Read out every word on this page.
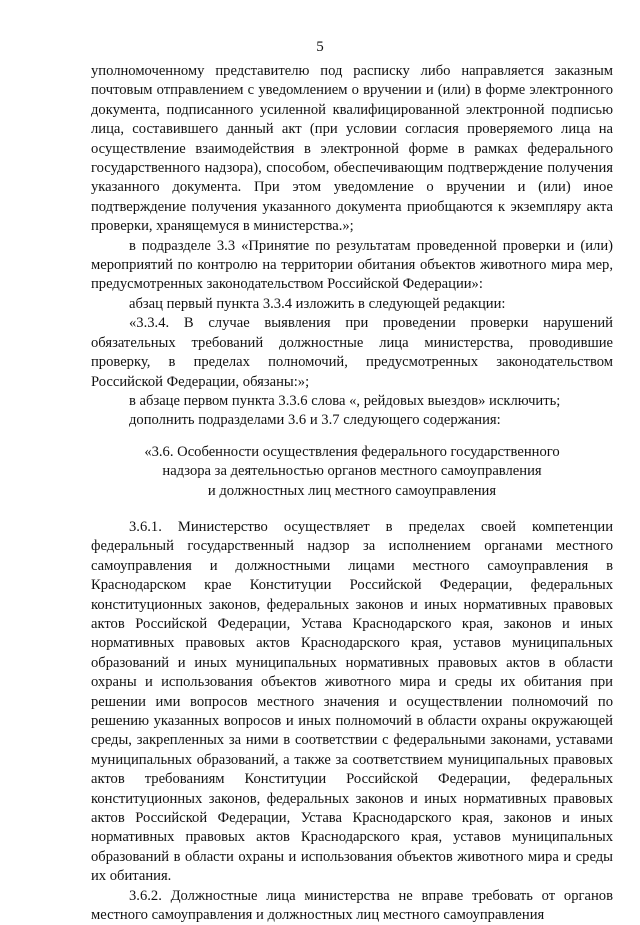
5

уполномоченному представителю под расписку либо направляется заказным почтовым отправлением с уведомлением о вручении и (или) в форме электронного документа, подписанного усиленной квалифицированной электронной подписью лица, составившего данный акт (при условии согласия проверяемого лица на осуществление взаимодействия в электронной форме в рамках федерального государственного надзора), способом, обеспечивающим подтверждение получения указанного документа. При этом уведомление о вручении и (или) иное подтверждение получения указанного документа приобщаются к экземпляру акта проверки, хранящемуся в министерства.»;

в подразделе 3.3 «Принятие по результатам проведенной проверки и (или) мероприятий по контролю на территории обитания объектов животного мира мер, предусмотренных законодательством Российской Федерации»:

абзац первый пункта 3.3.4 изложить в следующей редакции:

«3.3.4. В случае выявления при проведении проверки нарушений обязательных требований должностные лица министерства, проводившие проверку, в пределах полномочий, предусмотренных законодательством Российской Федерации, обязаны:»;

в абзаце первом пункта 3.3.6 слова «, рейдовых выездов» исключить;

дополнить подразделами 3.6 и 3.7 следующего содержания:

«3.6. Особенности осуществления федерального государственного
надзора за деятельностью органов местного самоуправления
и должностных лиц местного самоуправления

3.6.1. Министерство осуществляет в пределах своей компетенции федеральный государственный надзор за исполнением органами местного самоуправления и должностными лицами местного самоуправления в Краснодарском крае Конституции Российской Федерации, федеральных конституционных законов, федеральных законов и иных нормативных правовых актов Российской Федерации, Устава Краснодарского края, законов и иных нормативных правовых актов Краснодарского края, уставов муниципальных образований и иных муниципальных нормативных правовых актов в области охраны и использования объектов животного мира и среды их обитания при решении ими вопросов местного значения и осуществлении полномочий по решению указанных вопросов и иных полномочий в области охраны окружающей среды, закрепленных за ними в соответствии с федеральными законами, уставами муниципальных образований, а также за соответствием муниципальных правовых актов требованиям Конституции Российской Федерации, федеральных конституционных законов, федеральных законов и иных нормативных правовых актов Российской Федерации, Устава Краснодарского края, законов и иных нормативных правовых актов Краснодарского края, уставов муниципальных образований в области охраны и использования объектов животного мира и среды их обитания.

3.6.2. Должностные лица министерства не вправе требовать от органов местного самоуправления и должностных лиц местного самоуправления
